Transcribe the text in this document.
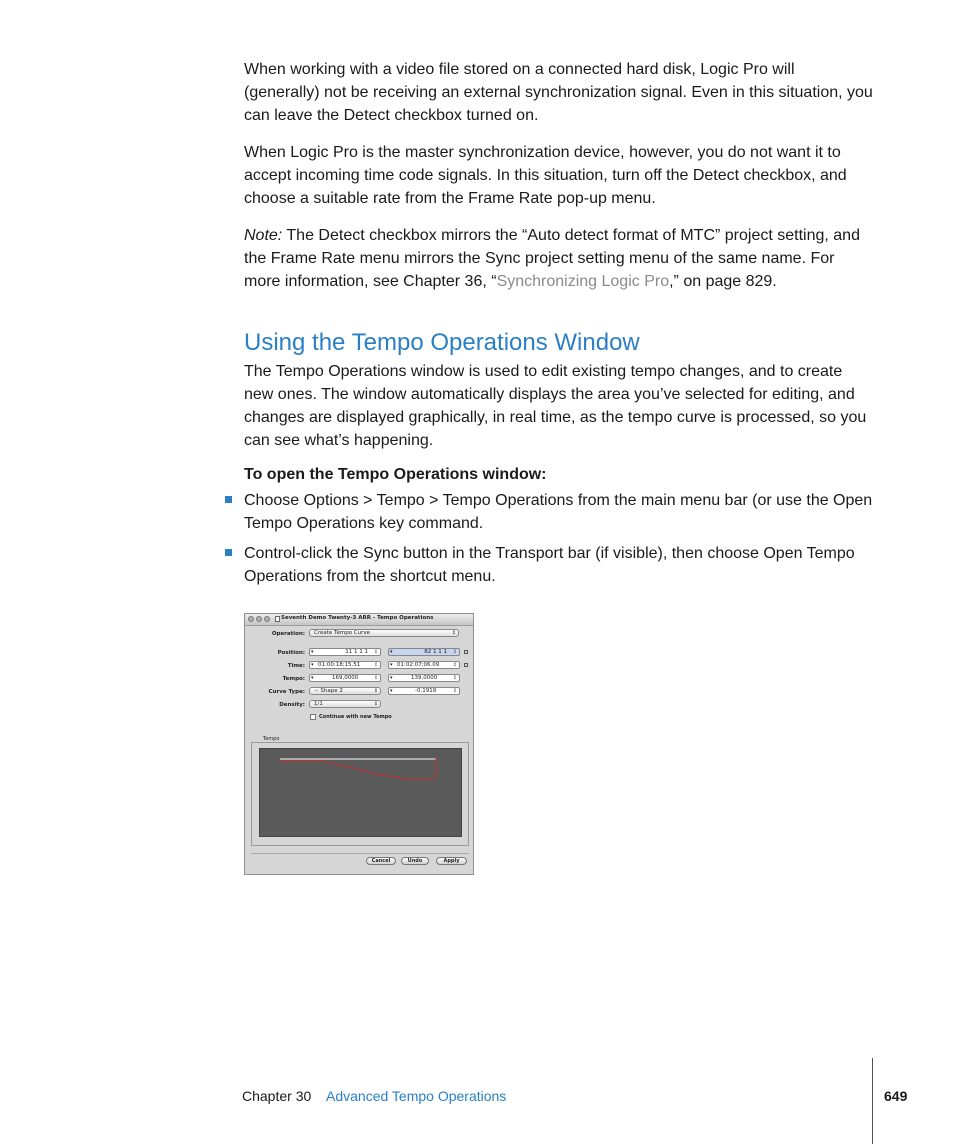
When working with a video file stored on a connected hard disk, Logic Pro will (generally) not be receiving an external synchronization signal. Even in this situation, you can leave the Detect checkbox turned on.

When Logic Pro is the master synchronization device, however, you do not want it to accept incoming time code signals. In this situation, turn off the Detect checkbox, and choose a suitable rate from the Frame Rate pop-up menu.

Note: The Detect checkbox mirrors the “Auto detect format of MTC” project setting, and the Frame Rate menu mirrors the Sync project setting menu of the same name. For more information, see Chapter 36, “Synchronizing Logic Pro,” on page 829.

Using the Tempo Operations Window

The Tempo Operations window is used to edit existing tempo changes, and to create new ones. The window automatically displays the area you’ve selected for editing, and changes are displayed graphically, in real time, as the tempo curve is processed, so you can see what’s happening.

To open the Tempo Operations window:

Choose Options > Tempo > Tempo Operations from the main menu bar (or use the Open Tempo Operations key command.
Control-click the Sync button in the Transport bar (if visible), then choose Open Tempo Operations from the shortcut menu.
Seventh Demo Twenty-3 ARR - Tempo Operations
Operation:	Create Tempo Curve	↕
Position: ▾	11 1 1 1 ↕ ▾	82 1 1 1 ↕
Time: ▾ 01:00:18;15.51	↕ ▾ 01:02:07;06.09	↕
Tempo: ▾	169,0000	↕ ▾	139,0000	↕
Curve Type:	∽ Shape 2	↕ ▾	-0,1919	↕
Density:	1/1	↕
Continue with new Tempo
Tempo
Cancel	Undo	Apply
Chapter 30 Advanced Tempo Operations	649
